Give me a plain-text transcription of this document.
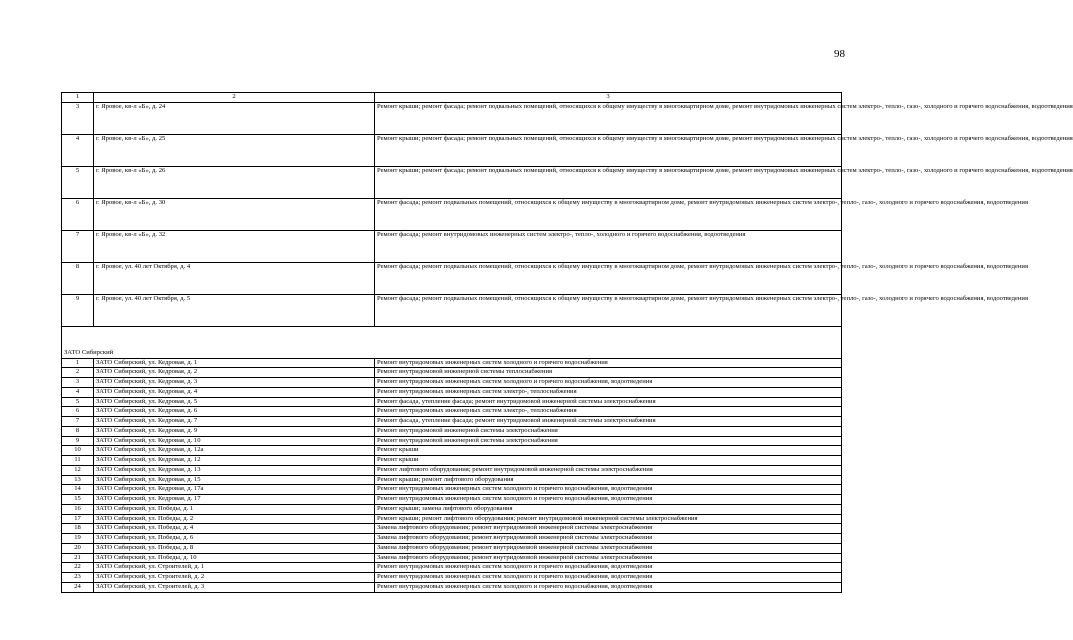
98
1	2	3
3	г. Яровое, кв-л «Б», д. 24	Ремонт крыши; ремонт фасада; ремонт подвальных помещений, относящихся к общему имуществу в многоквартирном доме, ремонт внутридомовых инженерных систем электро-, тепло-, газо-, холодного и горячего водоснабжения, водоотведения
4	г. Яровое, кв-л «Б», д. 25	Ремонт крыши; ремонт фасада; ремонт подвальных помещений, относящихся к общему имуществу в многоквартирном доме, ремонт внутридомовых инженерных систем электро-, тепло-, газо-, холодного и горячего водоснабжения, водоотведения
5	г. Яровое, кв-л «Б», д. 26	Ремонт крыши; ремонт фасада; ремонт подвальных помещений, относящихся к общему имуществу в многоквартирном доме, ремонт внутридомовых инженерных систем электро-, тепло-, газо-, холодного и горячего водоснабжения, водоотведения
6	г. Яровое, кв-л «Б», д. 30	Ремонт фасада; ремонт подвальных помещений, относящихся к общему имуществу в многоквартирном доме, ремонт внутридомовых инженерных систем электро-, тепло-, газо-, холодного и горячего водоснабжения, водоотведения
7	г. Яровое, кв-л «Б», д. 32	Ремонт фасада; ремонт внутридомовых инженерных систем электро-, тепло-, холодного и горячего водоснабжения, водоотведения
8	г. Яровое, ул. 40 лет Октября, д. 4	Ремонт фасада; ремонт подвальных помещений, относящихся к общему имуществу в многоквартирном доме, ремонт внутридомовых инженерных систем электро-, тепло-, газо-, холодного и горячего водоснабжения, водоотведения
9	г. Яровое, ул. 40 лет Октября, д. 5	Ремонт фасада; ремонт подвальных помещений, относящихся к общему имуществу в многоквартирном доме, ремонт внутридомовых инженерных систем электро-, тепло-, газо-, холодного и горячего водоснабжения, водоотведения
ЗАТО Сибирский		
1	ЗАТО Сибирский, ул. Кедровая, д. 1	Ремонт внутридомовых инженерных систем холодного и горячего водоснабжения
2	ЗАТО Сибирский, ул. Кедровая, д. 2	Ремонт внутридомовой инженерной системы теплоснабжения
3	ЗАТО Сибирский, ул. Кедровая, д. 3	Ремонт внутридомовых инженерных систем холодного и горячего водоснабжения, водоотведения
4	ЗАТО Сибирский, ул. Кедровая, д. 4	Ремонт внутридомовых инженерных систем электро-, теплоснабжения
5	ЗАТО Сибирский, ул. Кедровая, д. 5	Ремонт фасада, утепление фасада; ремонт внутридомовой инженерной системы электроснабжения
6	ЗАТО Сибирский, ул. Кедровая, д. 6	Ремонт внутридомовых инженерных систем электро-, теплоснабжения
7	ЗАТО Сибирский, ул. Кедровая, д. 7	Ремонт фасада, утепление фасада; ремонт внутридомовой инженерной системы электроснабжения
8	ЗАТО Сибирский, ул. Кедровая, д. 9	Ремонт внутридомовой инженерной системы электроснабжения
9	ЗАТО Сибирский, ул. Кедровая, д. 10	Ремонт внутридомовой инженерной системы электроснабжения
10	ЗАТО Сибирский, ул. Кедровая, д. 12а	Ремонт крыши
11	ЗАТО Сибирский, ул. Кедровая, д. 12	Ремонт крыши
12	ЗАТО Сибирский, ул. Кедровая, д. 13	Ремонт лифтового оборудования; ремонт внутридомовой инженерной системы электроснабжения
13	ЗАТО Сибирский, ул. Кедровая, д. 15	Ремонт крыши; ремонт лифтового оборудования
14	ЗАТО Сибирский, ул. Кедровая, д. 17а	Ремонт внутридомовых инженерных систем холодного и горячего водоснабжения, водоотведения
15	ЗАТО Сибирский, ул. Кедровая, д. 17	Ремонт внутридомовых инженерных систем холодного и горячего водоснабжения, водоотведения
16	ЗАТО Сибирский, ул. Победы, д. 1	Ремонт крыши; замена лифтового оборудования
17	ЗАТО Сибирский, ул. Победы, д. 2	Ремонт крыши; ремонт лифтового оборудования; ремонт внутридомовой инженерной системы электроснабжения
18	ЗАТО Сибирский, ул. Победы, д. 4	Замена лифтового оборудования; ремонт внутридомовой инженерной системы электроснабжения
19	ЗАТО Сибирский, ул. Победы, д. 6	Замена лифтового оборудования; ремонт внутридомовой инженерной системы электроснабжения
20	ЗАТО Сибирский, ул. Победы, д. 8	Замена лифтового оборудования; ремонт внутридомовой инженерной системы электроснабжения
21	ЗАТО Сибирский, ул. Победы, д. 10	Замена лифтового оборудования; ремонт внутридомовой инженерной системы электроснабжения
22	ЗАТО Сибирский, ул. Строителей, д. 1	Ремонт внутридомовых инженерных систем холодного и горячего водоснабжения, водоотведения
23	ЗАТО Сибирский, ул. Строителей, д. 2	Ремонт внутридомовых инженерных систем холодного и горячего водоснабжения, водоотведения
24	ЗАТО Сибирский, ул. Строителей, д. 3	Ремонт внутридомовых инженерных систем холодного и горячего водоснабжения, водоотведения
